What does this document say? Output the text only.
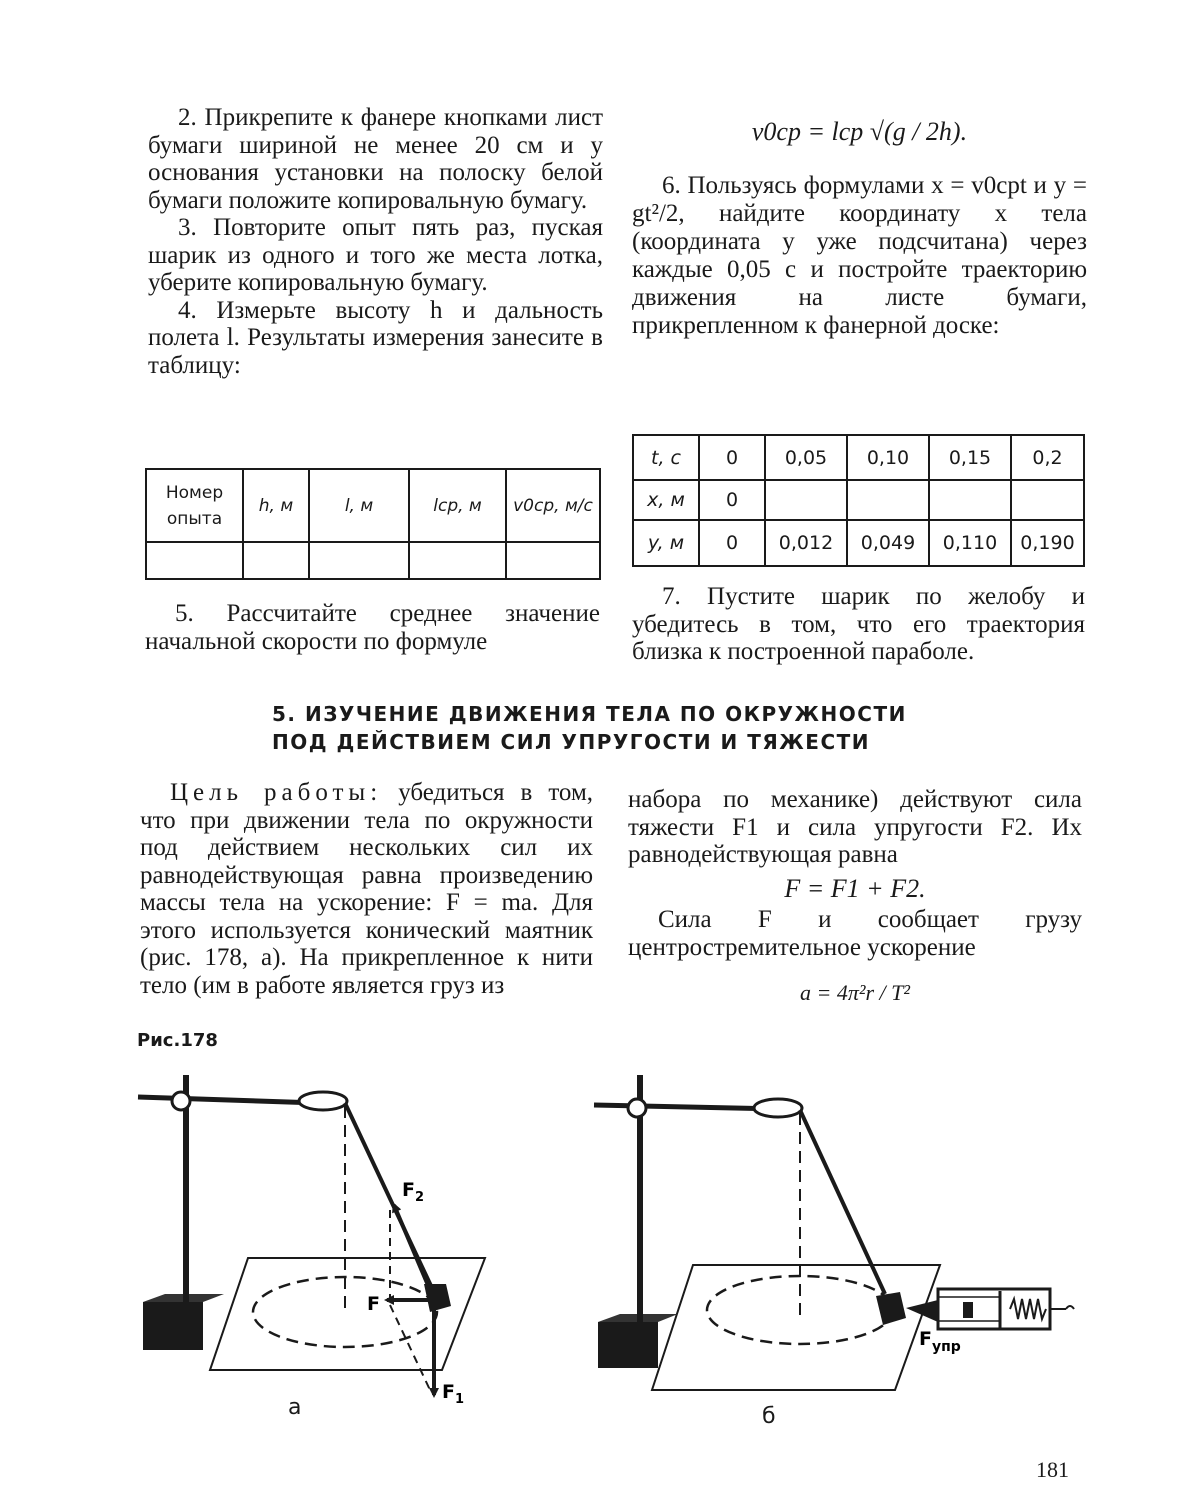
2. Прикрепите к фанере кнопками лист бумаги шириной не менее 20 см и у основания установки на полоску белой бумаги положите копировальную бумагу.

3. Повторите опыт пять раз, пуская шарик из одного и того же места лотка, уберите копировальную бумагу.

4. Измерьте высоту h и дальность полета l. Результаты измерения занесите в таблицу:

Номер опыта	h, м	l, м	lср, м	v0ср, м/с

5. Рассчитайте среднее значение начальной скорости по формуле

v0ср = lср √(g / 2h).

6. Пользуясь формулами x = v0срt и y = gt²/2, найдите координату x тела (координата y уже подсчитана) через каждые 0,05 с и постройте траекторию движения на листе бумаги, прикрепленном к фанерной доске:

t, с	0	0,05	0,10	0,15	0,2
x, м	0				
y, м	0	0,012	0,049	0,110	0,190

7. Пустите шарик по желобу и убедитесь в том, что его траектория близка к построенной параболе.

5. ИЗУЧЕНИЕ ДВИЖЕНИЯ ТЕЛА ПО ОКРУЖНОСТИ
ПОД ДЕЙСТВИЕМ СИЛ УПРУГОСТИ И ТЯЖЕСТИ

Цель работы: убедиться в том, что при движении тела по окружности под действием нескольких сил их равнодействующая равна произведению массы тела на ускорение: F = ma. Для этого используется конический маятник (рис. 178, а). На прикрепленное к нити тело (им в работе является груз из

набора по механике) действуют сила тяжести F1 и сила упругости F2. Их равнодействующая равна

F = F1 + F2.

Сила F и сообщает грузу центростремительное ускорение

a = 4π²r / T²
Рис.178
$F_2$
F
$F_1$
$F_{упр}$
а	б
181
